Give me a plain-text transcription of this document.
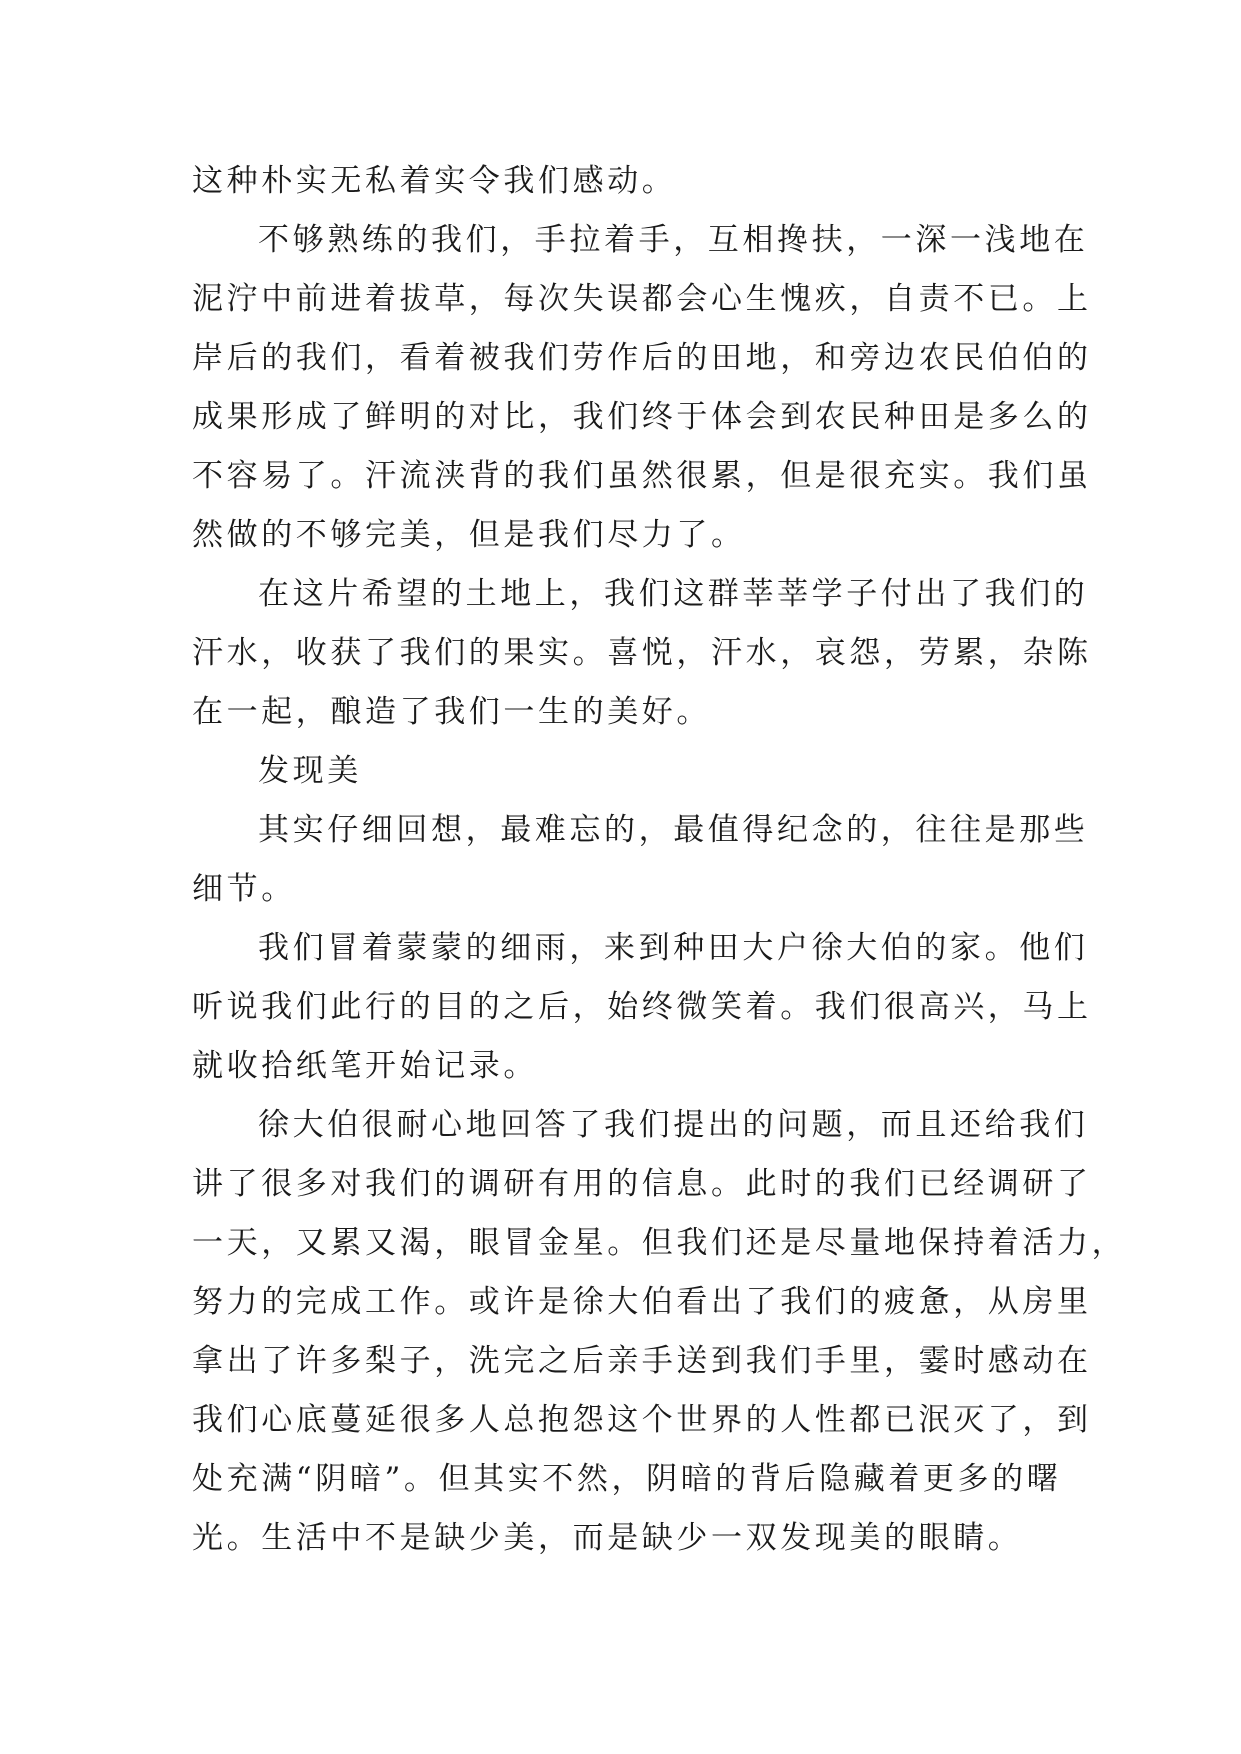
这种朴实无私着实令我们感动。
不够熟练的我们，手拉着手，互相搀扶，一深一浅地在
泥泞中前进着拔草，每次失误都会心生愧疚，自责不已。上
岸后的我们，看着被我们劳作后的田地，和旁边农民伯伯的
成果形成了鲜明的对比，我们终于体会到农民种田是多么的
不容易了。汗流浃背的我们虽然很累，但是很充实。我们虽
然做的不够完美，但是我们尽力了。
在这片希望的土地上，我们这群莘莘学子付出了我们的
汗水，收获了我们的果实。喜悦，汗水，哀怨，劳累，杂陈
在一起，酿造了我们一生的美好。
发现美
其实仔细回想，最难忘的，最值得纪念的，往往是那些
细节。
我们冒着蒙蒙的细雨，来到种田大户徐大伯的家。他们
听说我们此行的目的之后，始终微笑着。我们很高兴，马上
就收拾纸笔开始记录。
徐大伯很耐心地回答了我们提出的问题，而且还给我们
讲了很多对我们的调研有用的信息。此时的我们已经调研了
一天，又累又渴，眼冒金星。但我们还是尽量地保持着活力，
努力的完成工作。或许是徐大伯看出了我们的疲惫，从房里
拿出了许多梨子，洗完之后亲手送到我们手里，霎时感动在
我们心底蔓延很多人总抱怨这个世界的人性都已泯灭了，到
处充满“阴暗”。但其实不然，阴暗的背后隐藏着更多的曙
光。生活中不是缺少美，而是缺少一双发现美的眼睛。
